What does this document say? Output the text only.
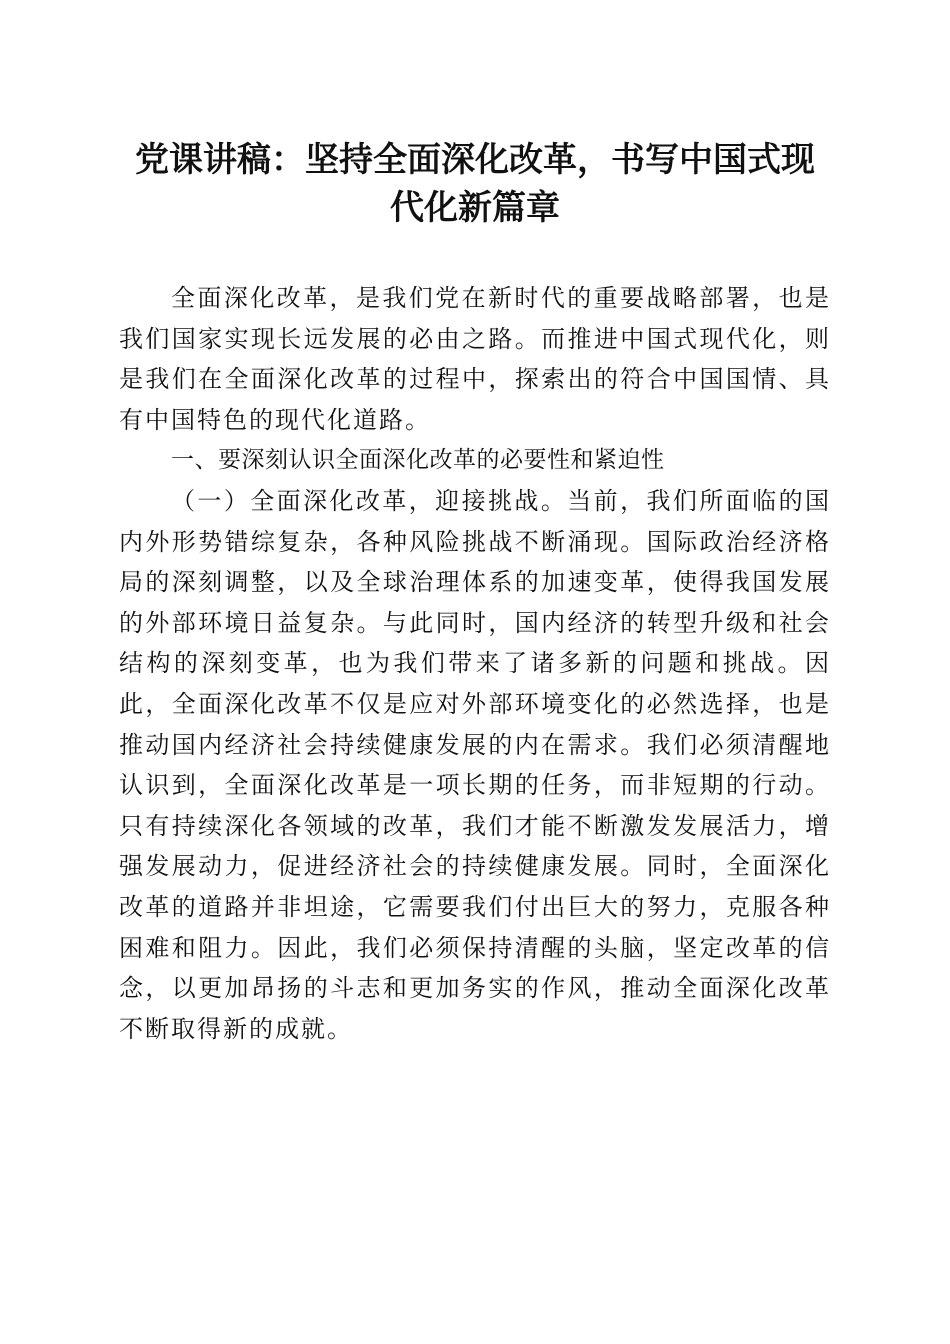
党课讲稿：坚持全面深化改革，书写中国式现
代化新篇章

全面深化改革，是我们党在新时代的重要战略部署，也是我们国家实现长远发展的必由之路。而推进中国式现代化，则是我们在全面深化改革的过程中，探索出的符合中国国情、具有中国特色的现代化道路。

一、要深刻认识全面深化改革的必要性和紧迫性

（一）全面深化改革，迎接挑战。当前，我们所面临的国内外形势错综复杂，各种风险挑战不断涌现。国际政治经济格局的深刻调整，以及全球治理体系的加速变革，使得我国发展的外部环境日益复杂。与此同时，国内经济的转型升级和社会结构的深刻变革，也为我们带来了诸多新的问题和挑战。因此，全面深化改革不仅是应对外部环境变化的必然选择，也是推动国内经济社会持续健康发展的内在需求。我们必须清醒地认识到，全面深化改革是一项长期的任务，而非短期的行动。只有持续深化各领域的改革，我们才能不断激发发展活力，增强发展动力，促进经济社会的持续健康发展。同时，全面深化改革的道路并非坦途，它需要我们付出巨大的努力，克服各种困难和阻力。因此，我们必须保持清醒的头脑，坚定改革的信念，以更加昂扬的斗志和更加务实的作风，推动全面深化改革不断取得新的成就。
